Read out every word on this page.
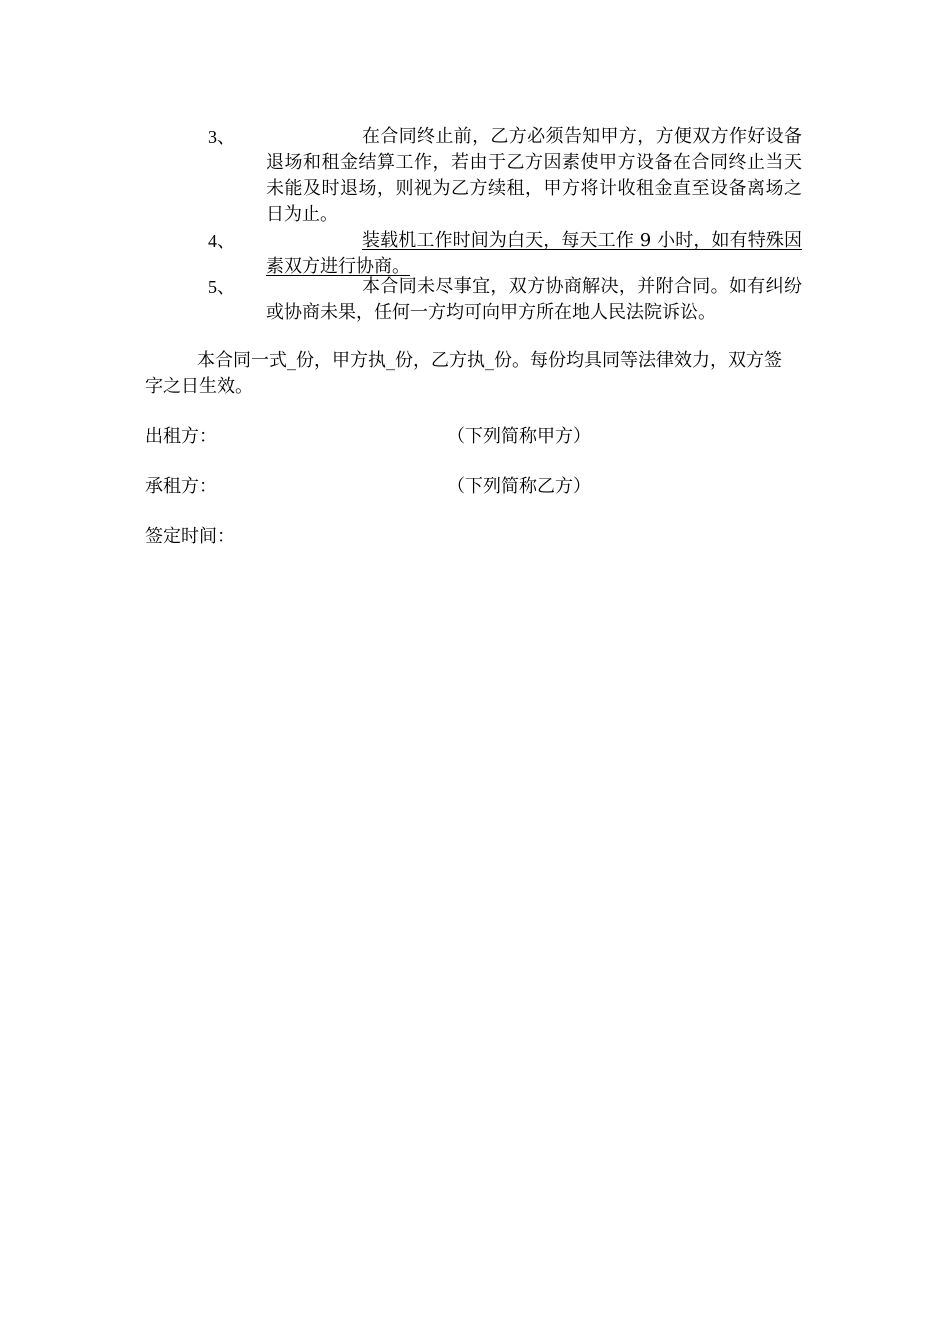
3、	在合同终止前，乙方必须告知甲方，方便双方作好设备退场和租金结算工作，若由于乙方因素使甲方设备在合同终止当天未能及时退场，则视为乙方续租，甲方将计收租金直至设备离场之日为止。
4、	装载机工作时间为白天，每天工作 9 小时，如有特殊因素双方进行协商。
5、	本合同未尽事宜，双方协商解决，并附合同。如有纠纷或协商未果，任何一方均可向甲方所在地人民法院诉讼。
本合同一式_份，甲方执_份，乙方执_份。每份均具同等法律效力，双方签字之日生效。
出租方：	（下列简称甲方）
承租方：	（下列简称乙方）
签定时间：
